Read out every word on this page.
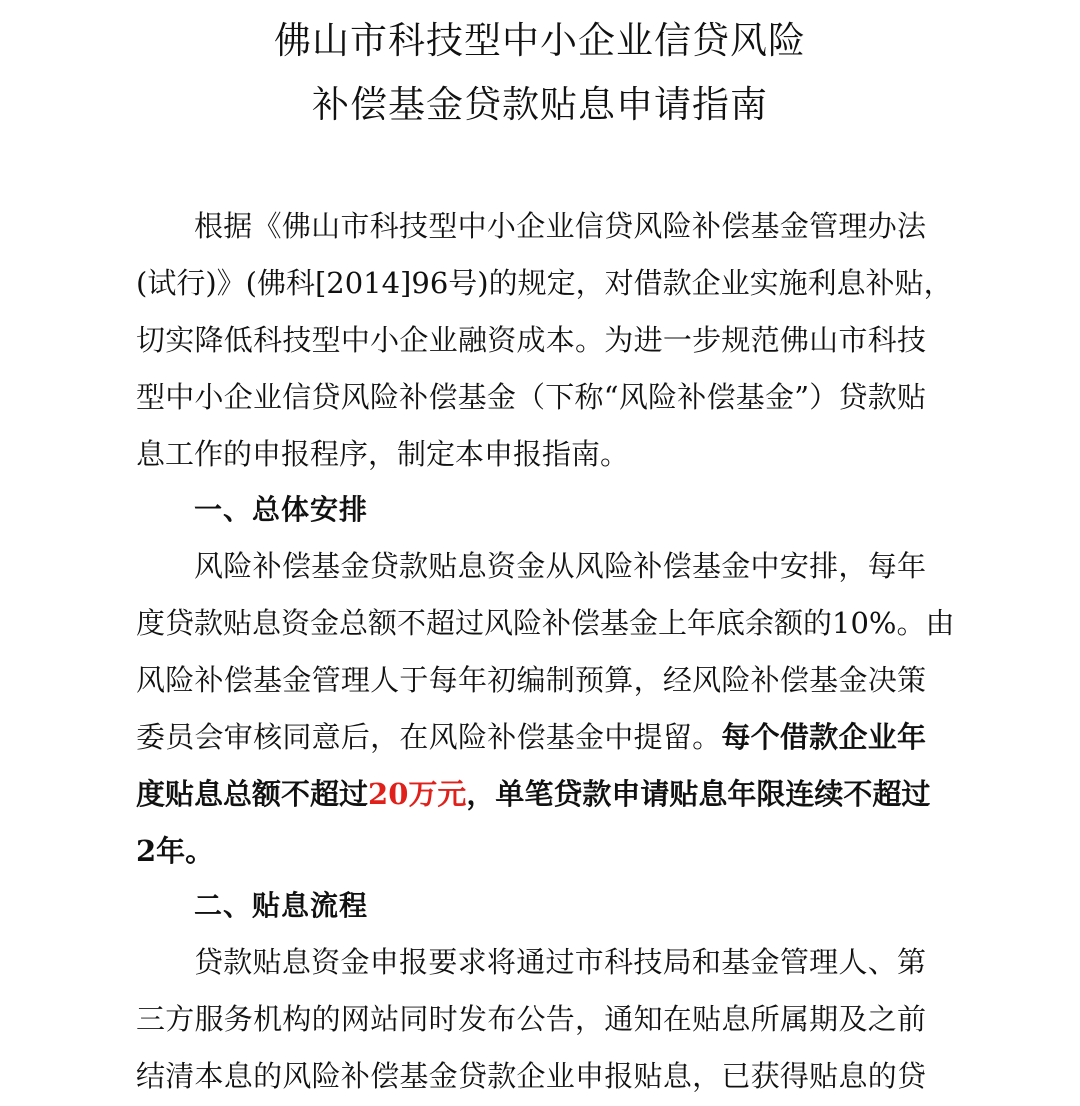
佛山市科技型中小企业信贷风险
补偿基金贷款贴息申请指南
根据《佛山市科技型中小企业信贷风险补偿基金管理办法
(试行)》(佛科[2014]96号)的规定，对借款企业实施利息补贴，
切实降低科技型中小企业融资成本。为进一步规范佛山市科技
型中小企业信贷风险补偿基金（下称“风险补偿基金”）贷款贴
息工作的申报程序，制定本申报指南。
一、总体安排
风险补偿基金贷款贴息资金从风险补偿基金中安排，每年
度贷款贴息资金总额不超过风险补偿基金上年底余额的10%。由
风险补偿基金管理人于每年初编制预算，经风险补偿基金决策
委员会审核同意后，在风险补偿基金中提留。每个借款企业年
度贴息总额不超过20万元，单笔贷款申请贴息年限连续不超过
2年。
二、贴息流程
贷款贴息资金申报要求将通过市科技局和基金管理人、第
三方服务机构的网站同时发布公告，通知在贴息所属期及之前
结清本息的风险补偿基金贷款企业申报贴息，已获得贴息的贷
